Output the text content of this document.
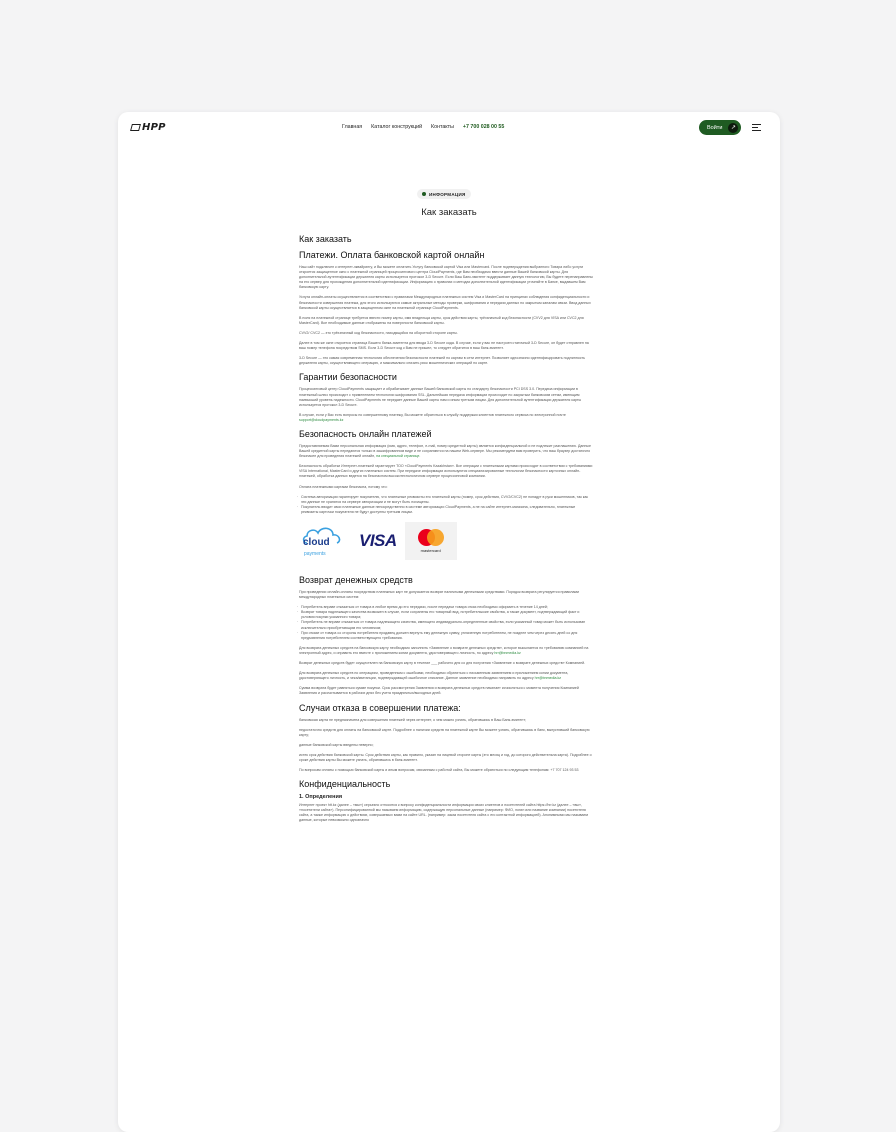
HPP	Главная Каталог конструкций Контакты +7 700 028 00 55	Войти	↗
ИНФОРМАЦИЯ
Как заказать
Как заказать
Платежи. Оплата банковской картой онлайн

Наш сайт подключен к интернет-эквайрингу, и Вы можете оплатить Услугу банковской картой Visa или Mastercard. После подтверждения выбранного Товара либо услуги откроется защищенное окно с платежной страницей процессингового центра CloudPayments, где Вам необходимо ввести данные Вашей банковской карты. Для дополнительной аутентификации держателя карты используется протокол 3-D Secure. Если Ваш Банк-эмитент поддерживает данную технологию, Вы будете перенаправлены на его сервер для прохождения дополнительной идентификации. Информацию о правилах и методах дополнительной идентификации уточняйте в Банке, выдавшем Вам банковскую карту.

Услуга онлайн-оплаты осуществляется в соответствии с правилами Международных платежных систем Visa и MasterCard на принципах соблюдения конфиденциальности и безопасности совершения платежа, для этого используются самые актуальные методы проверки, шифрования и передачи данных по закрытым каналам связи. Ввод данных банковской карты осуществляется в защищенном окне на платежной странице CloudPayments.

В поля на платежной странице требуется ввести номер карты, имя владельца карты, срок действия карты, трёхзначный код безопасности (CVV2 для VISA или CVC2 для MasterCard). Все необходимые данные отображены на поверхности банковской карты.

CVV2/ CVC2 — это трёхзначный код безопасности, находящийся на оборотной стороне карты.

Далее в том же окне откроется страница Вашего банка-эмитента для ввода 3-D Secure кода. В случае, если у вас не настроен статичный 3-D Secure, он будет отправлен на ваш номер телефона посредством SMS. Если 3-D Secure код к Вам не пришел, то следует обратится в ваш банк-эмитент.

3-D Secure — это самая современная технология обеспечения безопасности платежей по картам в сети интернет. Позволяет однозначно идентифицировать подлинность держателя карты, осуществляющего операцию, и максимально снизить риск мошеннических операций по карте.

Гарантии безопасности

Процессинговый центр CloudPayments защищает и обрабатывает данные Вашей банковской карты по стандарту безопасности PCI DSS 3.0. Передача информации в платежный шлюз происходит с применением технологии шифрования SSL. Дальнейшая передача информации происходит по закрытым банковским сетям, имеющим наивысший уровень надежности. CloudPayments не передает данные Вашей карты нам и иным третьим лицам. Для дополнительной аутентификации держателя карты используется протокол 3-D Secure.

В случае, если у Вас есть вопросы по совершенному платежу, Вы можете обратиться в службу поддержки клиентов платежного сервиса по электронной почте support@cloudpayments.kz

Безопасность онлайн платежей

Предоставляемая Вами персональная информация (имя, адрес, телефон, e-mail, номер кредитной карты) является конфиденциальной и не подлежит разглашению. Данные Вашей кредитной карты передаются только в зашифрованном виде и не сохраняются на нашем Web-сервере. Мы рекомендуем вам проверить, что ваш браузер достаточно безопасен для проведения платежей онлайн, на специальной странице.

Безопасность обработки Интернет-платежей гарантирует ТОО «CloudPayments Kazakhstan». Все операции с платежными картами происходят в соответствии с требованиями VISA International, MasterCard и других платежных систем. При передаче информации используются специализированные технологии безопасности карточных онлайн-платежей, обработка данных ведется на безопасном высокотехнологичном сервере процессинговой компании.

Оплата платежными картами безопасна, потому что:

· Система авторизации гарантирует покупателю, что платежные реквизиты его платежной карты (номер, срок действия, CVV2/CVC2) не попадут в руки мошенников, так как эти данные не хранятся на сервере авторизации и не могут быть похищены.
· Покупатель вводит свои платежные данные непосредственно в системе авторизации CloudPayments, а не на сайте интернет-магазина, следовательно, платежные реквизиты карточки покупателя не будут доступны третьим лицам.
cloud
payments
VISA
mastercard
Возврат денежных средств

При проведении онлайн-оплаты посредством платежных карт не допускается возврат наличными денежными средствами. Порядок возврата регулируется правилами международных платежных систем:

· Потребитель вправе отказаться от товара в любое время до его передачи, после передачи товара отказ необходимо оформить в течение 14 дней;
· Возврат товара надлежащего качества возможен в случае, если сохранены его товарный вид, потребительские свойства, а также документ, подтверждающий факт и условия покупки указанного товара;
· Потребитель не вправе отказаться от товара надлежащего качества, имеющего индивидуально-определенные свойства, если указанный товар может быть использован исключительно приобретающим его человеком;
· При отказе от товара со стороны потребителя продавец должен вернуть ему денежную сумму, уплаченную потребителем, не позднее чем через десять дней со дня предъявления потребителем соответствующего требования.

Для возврата денежных средств на банковскую карту необходимо заполнить «Заявление о возврате денежных средств», которое высылается по требованию компанией на электронный адрес, и оправить его вместе с приложением копии документа, удостоверяющего личность, по адресу hrr@bnmedia.kz

Возврат денежных средств будет осуществлен на банковскую карту в течение ___ рабочего дня со дня получения «Заявление о возврате денежных средств» Компанией.

Для возврата денежных средств по операциям, проведенным с ошибками, необходимо обратиться с письменным заявлением и приложением копии документа, удостоверяющего личность, и чека/квитанции, подтверждающей ошибочное списание. Данное заявление необходимо направить по адресу hrr@bnmedia.kz

Сумма возврата будет равняться сумме покупки. Срок рассмотрения Заявления и возврата денежных средств начинает исчисляться с момента получения Компанией Заявления и рассчитывается в рабочих днях без учета праздничных/выходных дней.

Случаи отказа в совершении платежа:

банковская карта не предназначена для совершения платежей через интернет, о чем можно узнать, обратившись в Ваш Банк-эмитент;

недостаточно средств для оплаты на банковской карте. Подробнее о наличии средств на платежной карте Вы можете узнать, обратившись в банк, выпустивший банковскую карту;

данные банковской карты введены неверно;

истек срок действия банковской карты. Срок действия карты, как правило, указан на лицевой стороне карты (это месяц и год, до которого действительна карта). Подробнее о сроке действия карты Вы можете узнать, обратившись в банк-эмитент.

По вопросам оплаты с помощью банковской карты и иным вопросам, связанным с работой сайта, Вы можете обратиться по следующим телефонам: +7 707 124 93 53

Конфиденциальность
1. Определения

Интернет проект htt.kz (далее – «мы») серьезно относится к вопросу конфиденциальности информации своих клиентов и посетителей сайта https://hrr.kz (далее – «вы», «посетители сайта»). Персонифицированной мы называем информацию, содержащую персональные данные (например: ФИО, логин или название компании) посетителя сайта, а также информацию о действиях, совершаемых вами на сайте URL. (например: заказ посетителя сайта с его контактной информацией). Анонимными мы называем данные, которые невозможно однозначно
